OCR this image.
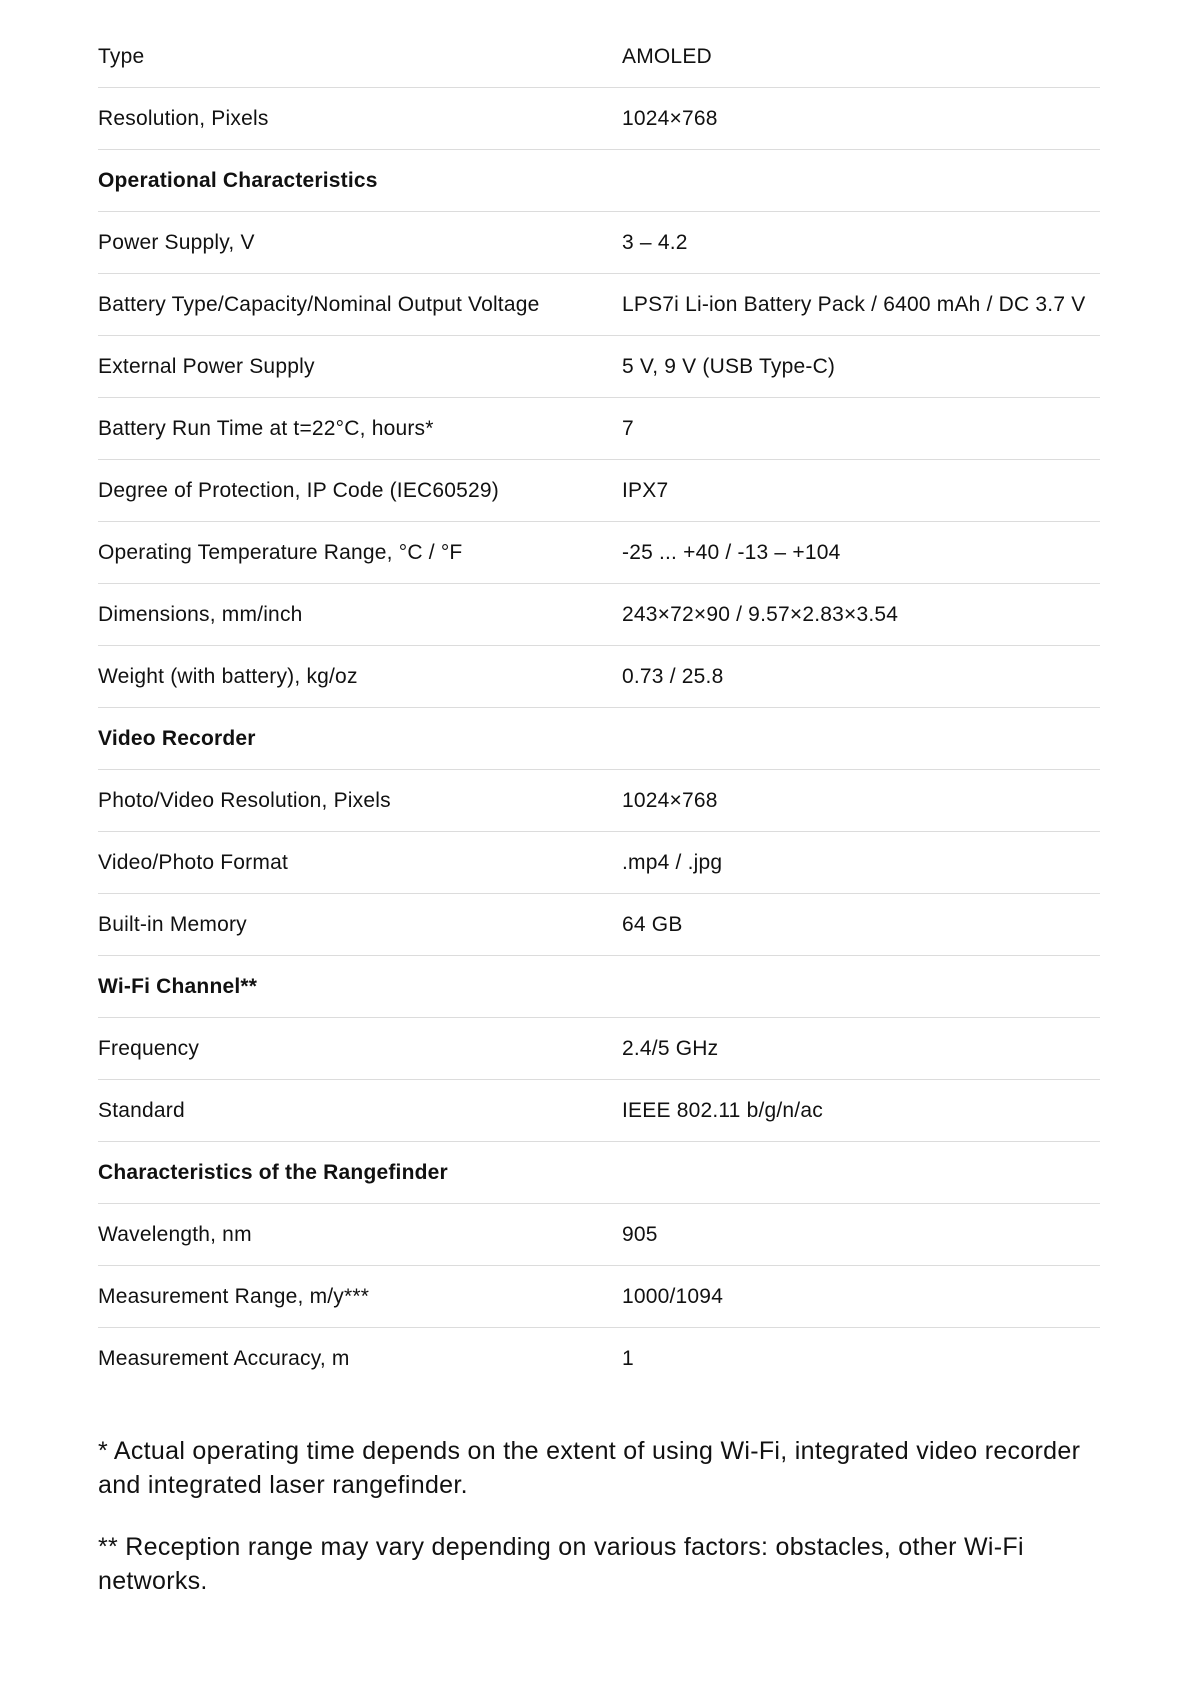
Type	AMOLED
Resolution, Pixels	1024×768
Operational Characteristics
Power Supply, V	3 – 4.2
Battery Type/Capacity/Nominal Output Voltage	LPS7i Li-ion Battery Pack / 6400 mAh / DC 3.7 V
External Power Supply	5 V, 9 V (USB Type-C)
Battery Run Time at t=22°C, hours*	7
Degree of Protection, IP Code (IEC60529)	IPX7
Operating Temperature Range, °C / °F	-25 ... +40 / -13 – +104
Dimensions, mm/inch	243×72×90 / 9.57×2.83×3.54
Weight (with battery), kg/oz	0.73 / 25.8
Video Recorder
Photo/Video Resolution, Pixels	1024×768
Video/Photo Format	.mp4 / .jpg
Built-in Memory	64 GB
Wi-Fi Channel**
Frequency	2.4/5 GHz
Standard	IEEE 802.11 b/g/n/ac
Characteristics of the Rangefinder
Wavelength, nm	905
Measurement Range, m/y***	1000/1094
Measurement Accuracy, m	1

* Actual operating time depends on the extent of using Wi-Fi, integrated video recorder and integrated laser rangefinder.

** Reception range may vary depending on various factors: obstacles, other Wi-Fi networks.
